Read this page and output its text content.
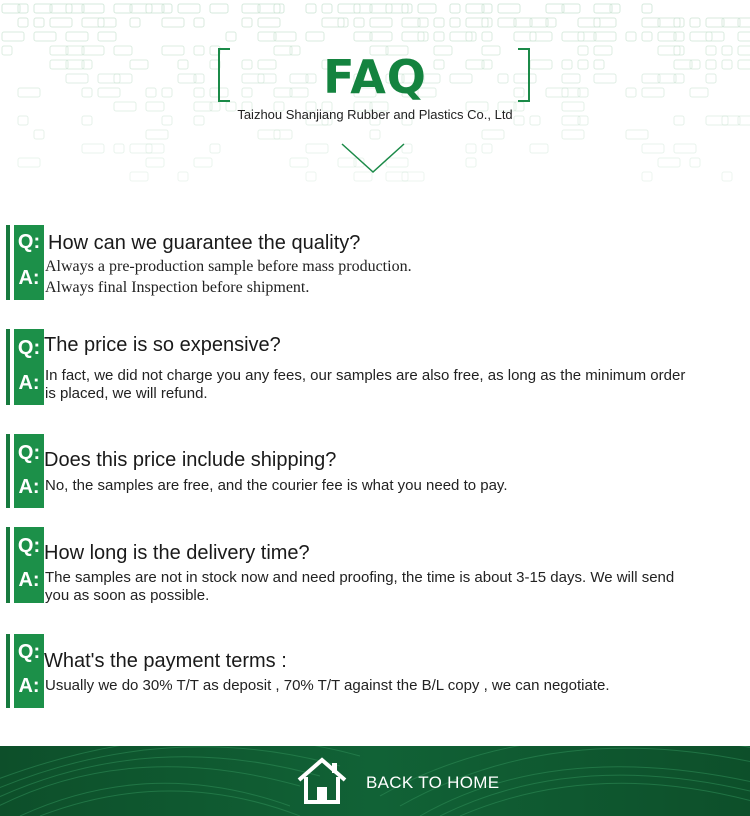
FAQ
Taizhou Shanjiang Rubber and Plastics Co., Ltd
Q:
A:
How can we guarantee the quality?
Always a pre-production sample before mass production.
Always final Inspection before shipment.
Q:
A:
The price is so expensive?
In fact, we did not charge you any fees, our samples are also free, as long as the minimum order
is placed, we will refund.
Q:
A:
Does this price include shipping?
No, the samples are free, and the courier fee is what you need to pay.
Q:
A:
How long is the delivery time?
The samples are not in stock now and need proofing, the time is about 3-15 days. We will send
you as soon as possible.
Q:
A:
What's the payment terms :
Usually we do 30% T/T as deposit , 70% T/T against the B/L copy , we can negotiate.
BACK TO HOME
